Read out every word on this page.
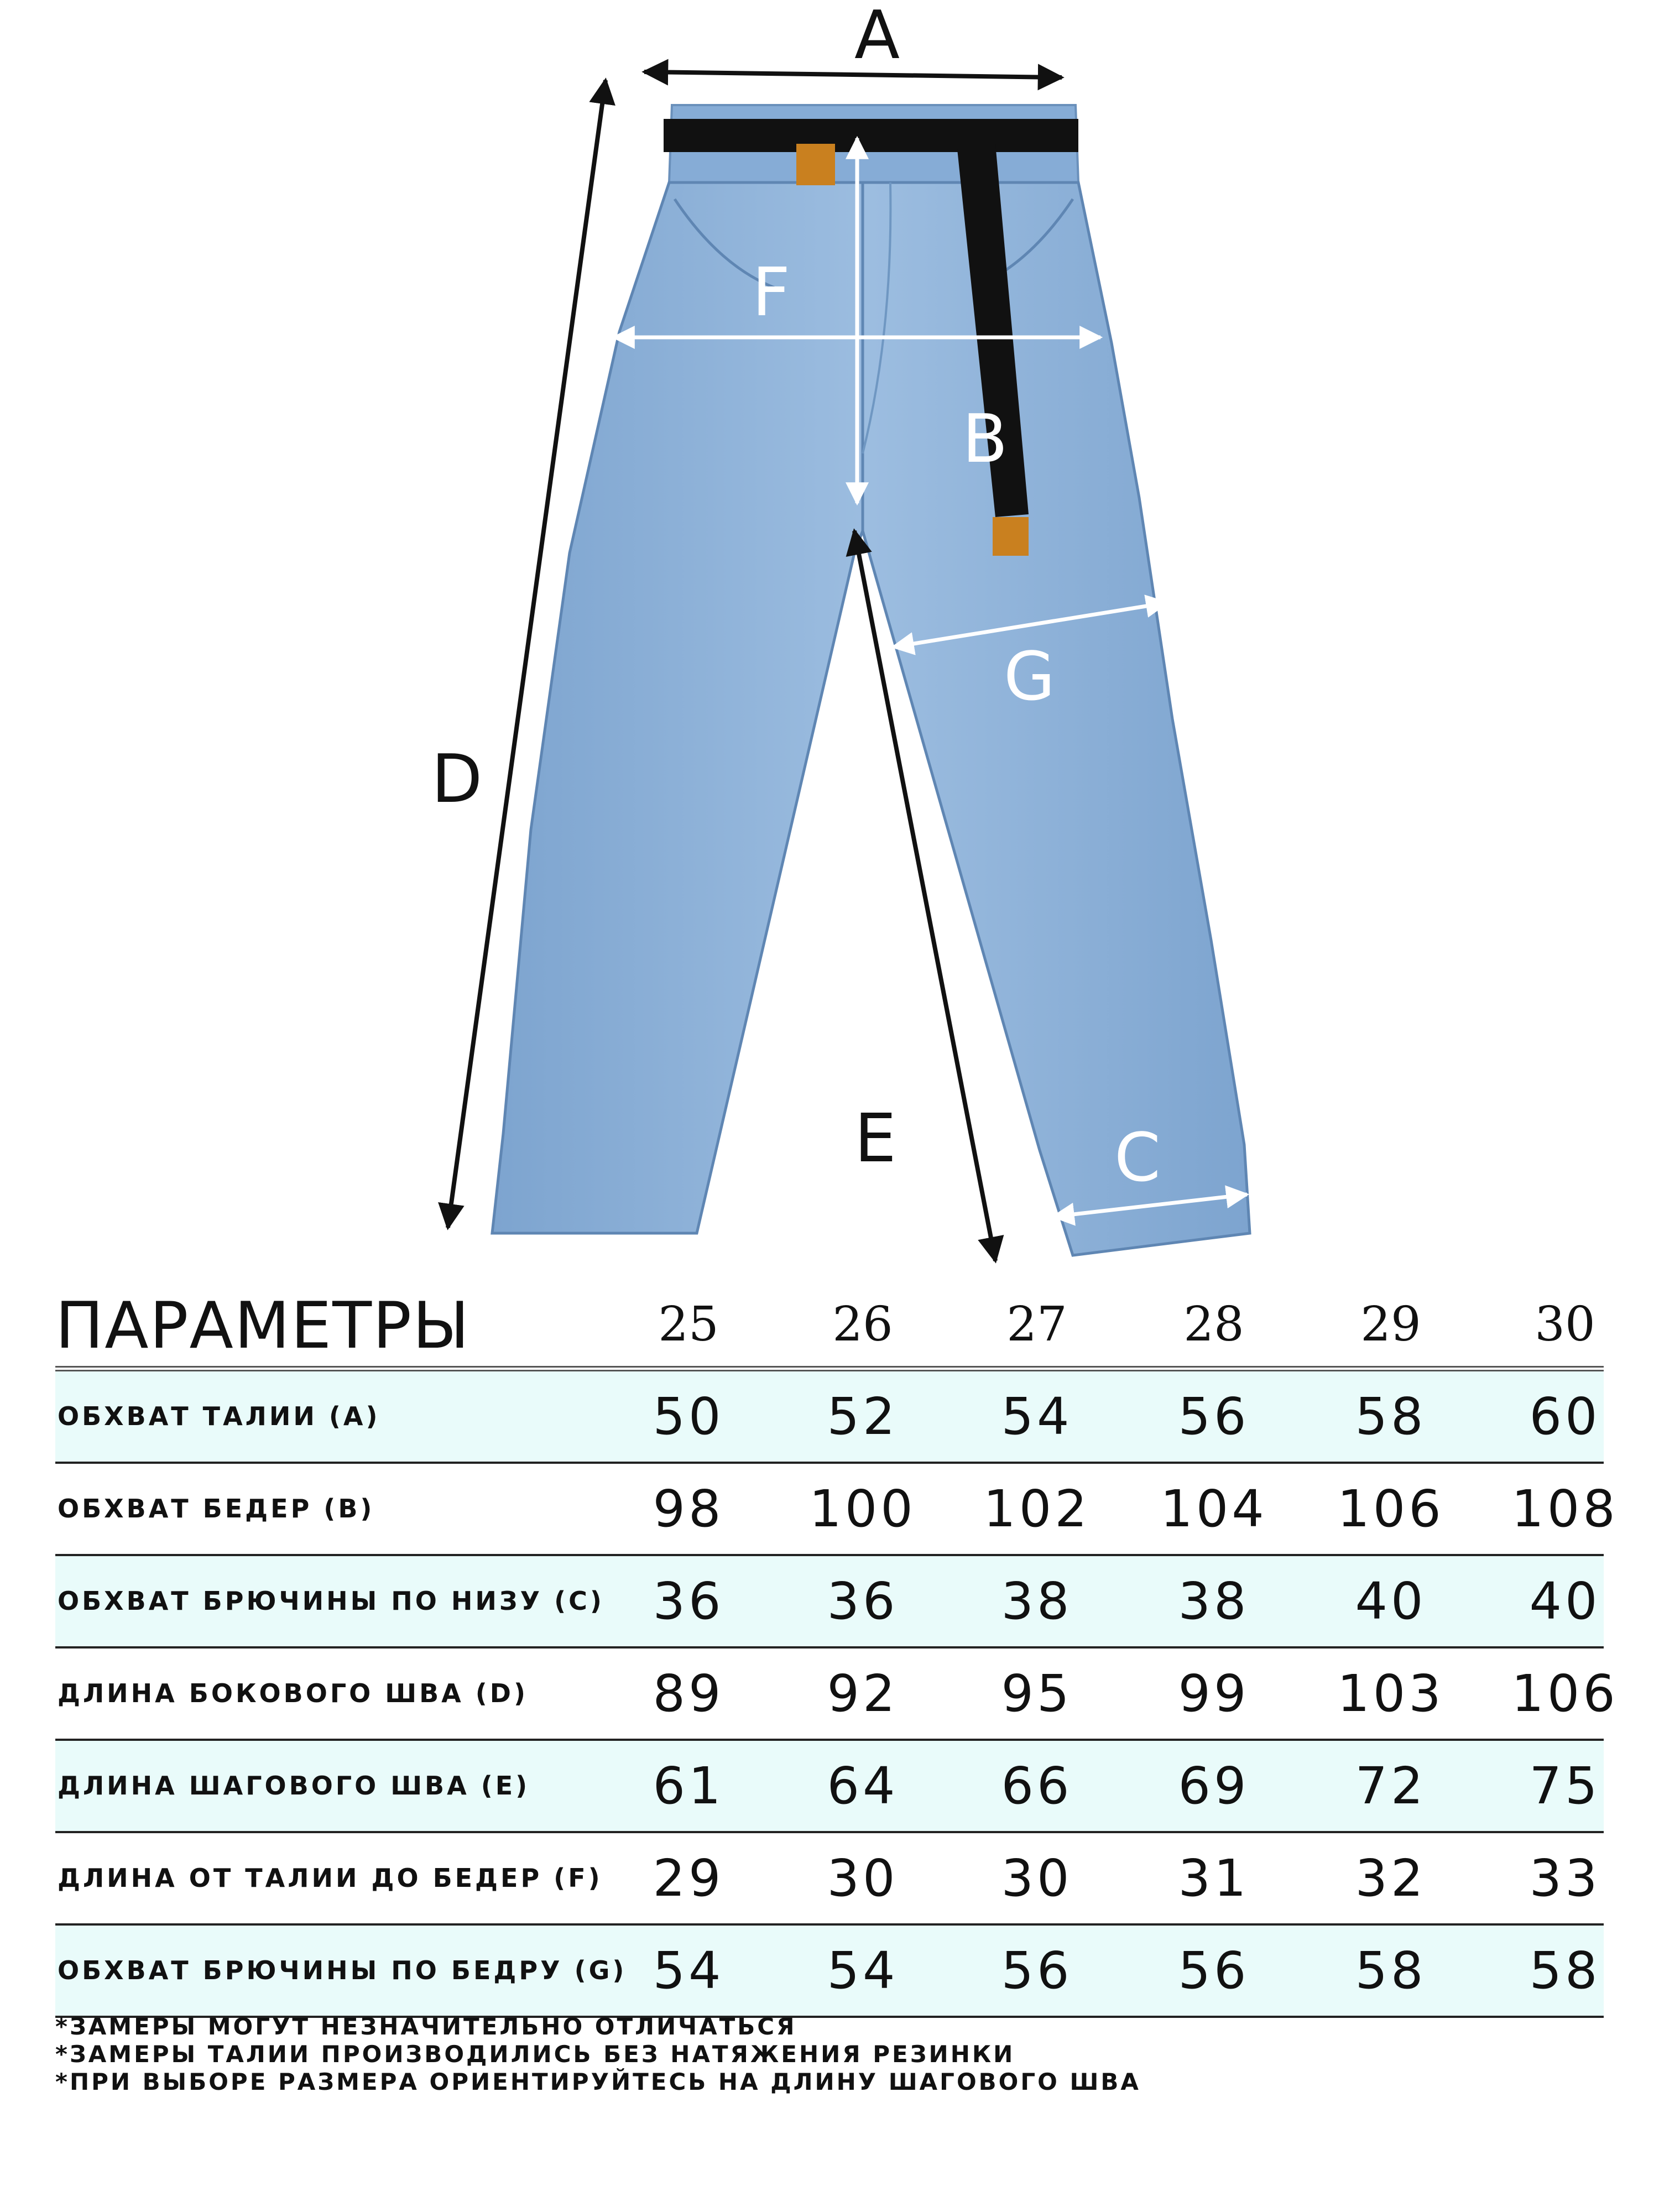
A
D
E
B
F
G
C
ПАРАМЕТРЫ	25	26	27	28	29	30
ОБХВАТ ТАЛИИ (А)	50	52	54	56	58	60
ОБХВАТ БЕДЕР (В)	98	100 102 104 106 108
ОБХВАТ БРЮЧИНЫ ПО НИЗУ (С) 36	36	38	38	40	40
ДЛИНА БОКОВОГО ШВА (D)	89	92	95	99	103 106
ДЛИНА ШАГОВОГО ШВА (E)	61	64	66	69	72	75
ДЛИНА ОТ ТАЛИИ ДО БЕДЕР (F) 29	30	30	31	32	33
ОБХВАТ БРЮЧИНЫ ПО БЕДРУ (G) 54	54	56	56	58	58
*ЗАМЕРЫ МОГУТ НЕЗНАЧИТЕЛЬНО ОТЛИЧАТЬСЯ
*ЗАМЕРЫ ТАЛИИ ПРОИЗВОДИЛИСЬ БЕЗ НАТЯЖЕНИЯ РЕЗИНКИ
*ПРИ ВЫБОРЕ РАЗМЕРА ОРИЕНТИРУЙТЕСЬ НА ДЛИНУ ШАГОВОГО ШВА
